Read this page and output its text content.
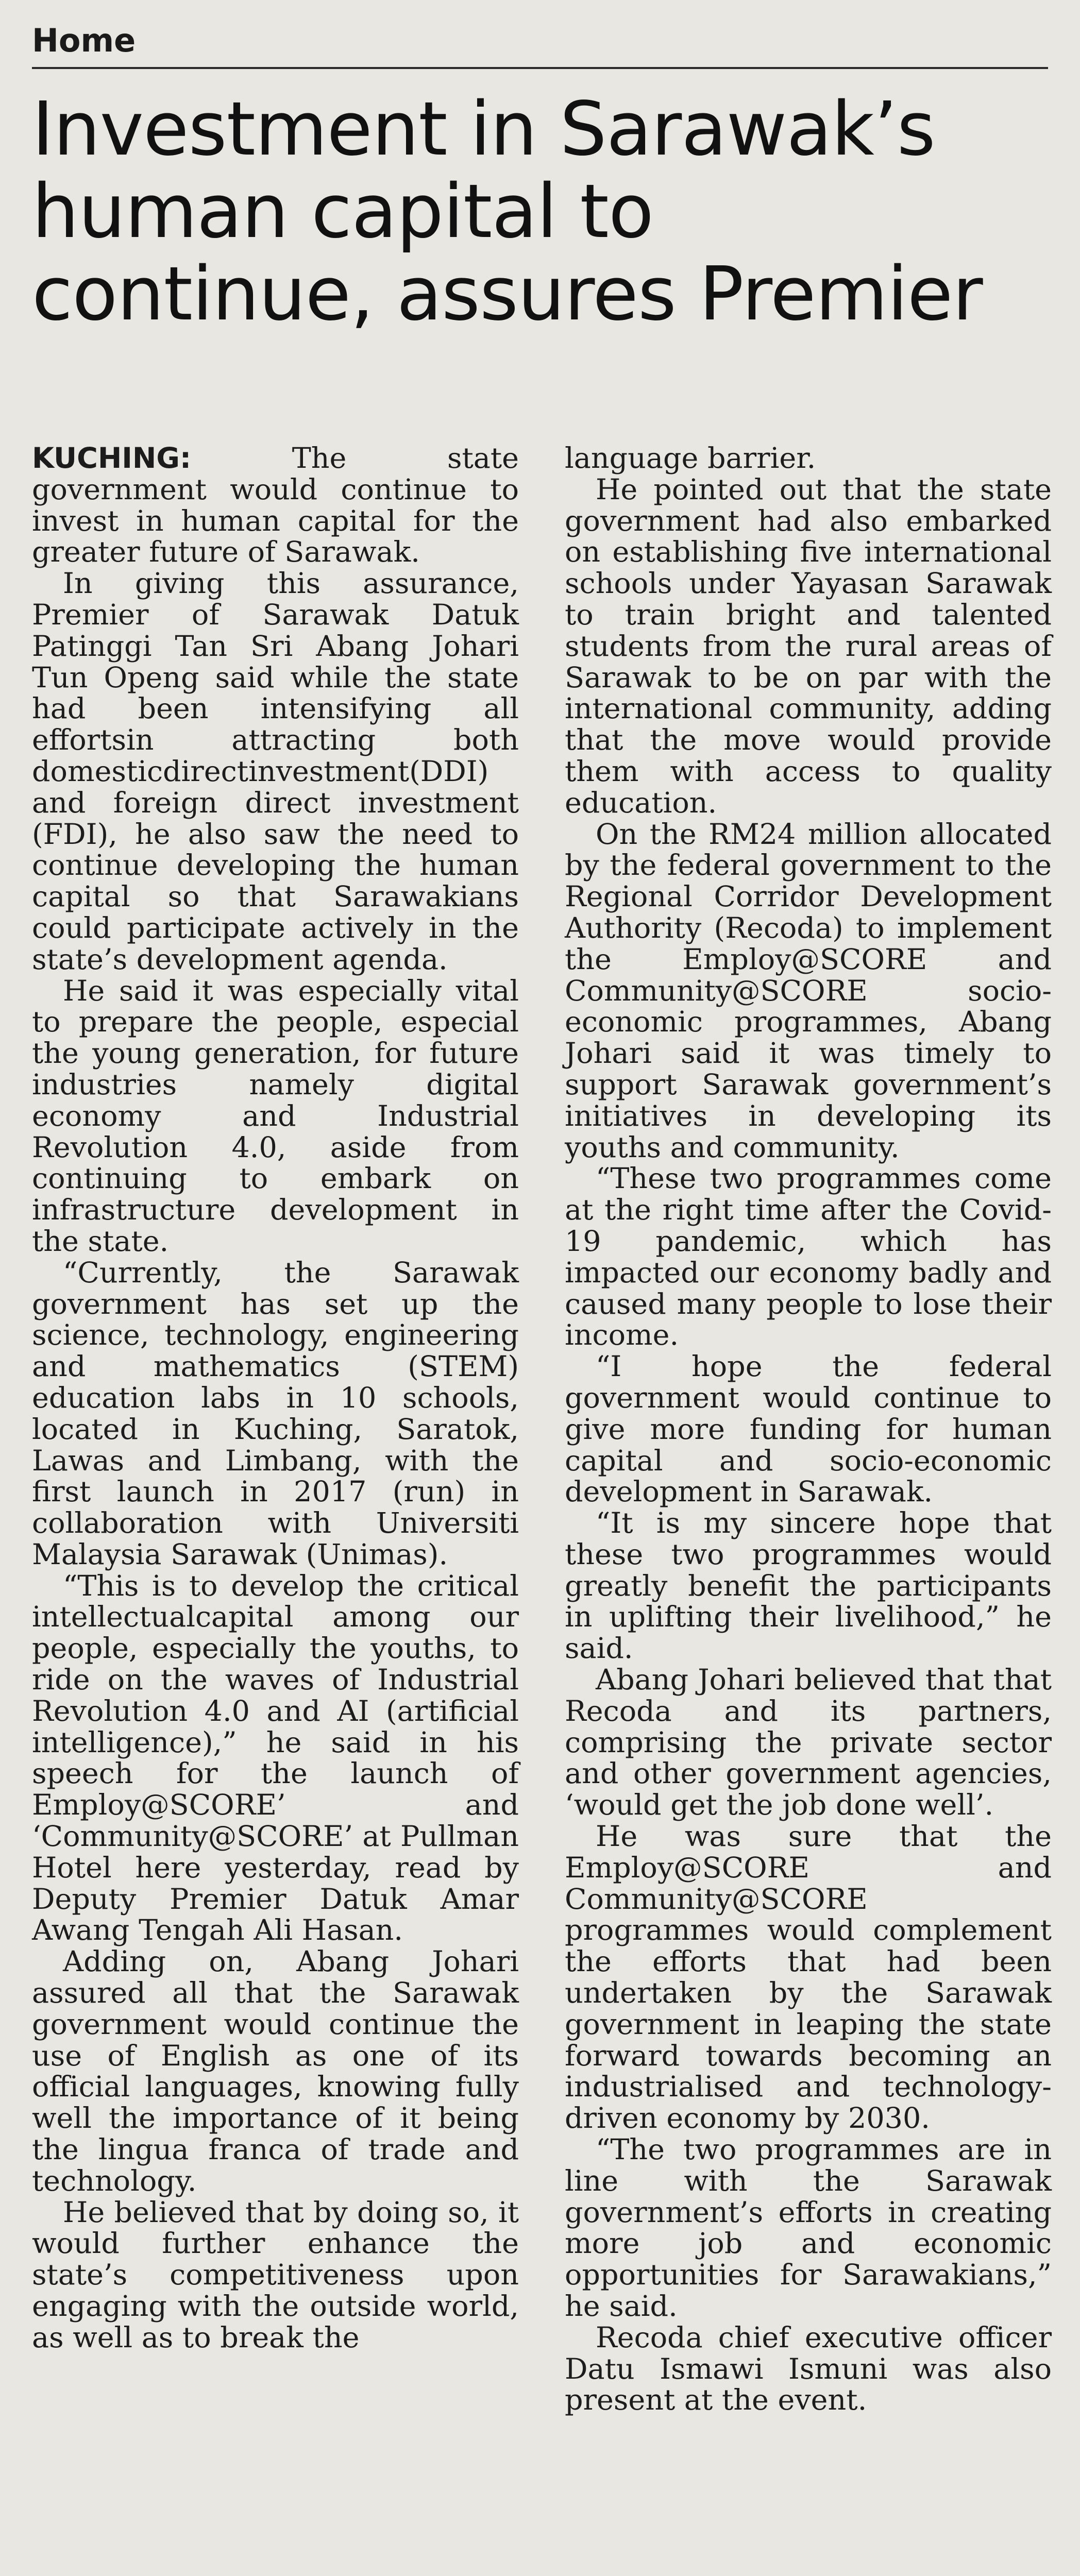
Home
Investment in Sarawak’s
human capital to
continue, assures Premier

KUCHING:	The state government would continue to invest in human capital for the greater future of Sarawak.

In giving this assurance, Premier of Sarawak Datuk Patinggi Tan Sri Abang Johari Tun Openg said while the state had been intensifying all effortsin attracting both domesticdirectinvestment(DDI) and foreign direct investment (FDI), he also saw the need to continue developing the human capital so that Sarawakians could participate actively in the state’s development agenda.

He said it was especially vital to prepare the people, especial the young generation, for future industries namely digital economy and Industrial Revolution 4.0, aside from continuing to embark on infrastructure development in the state.

“Currently, the Sarawak government has set up the science, technology, engineering and mathematics (STEM) education labs in 10 schools, located in Kuching, Saratok, Lawas and Limbang, with the first launch in 2017 (run) in collaboration with Universiti Malaysia Sarawak (Unimas).

“This is to develop the critical intellectualcapital among our people, especially the youths, to ride on the waves of Industrial Revolution 4.0 and AI (artificial intelligence),” he said in his speech for the launch of Employ@SCORE’ and ‘Community@SCORE’ at Pullman Hotel here yesterday, read by Deputy Premier Datuk Amar Awang Tengah Ali Hasan.

Adding on, Abang Johari assured all that the Sarawak government would continue the use of English as one of its official languages, knowing fully well the importance of it being the lingua franca of trade and technology.

He believed that by doing so, it would further enhance the state’s competitiveness upon engaging with the outside world, as well as to break the

language barrier.

He pointed out that the state government had also embarked on establishing five international schools under Yayasan Sarawak to train bright and talented students from the rural areas of Sarawak to be on par with the international community, adding that the move would provide them with access to quality education.

On the RM24 million allocated by the federal government to the Regional Corridor Development Authority (Recoda) to implement the Employ@SCORE and Community@SCORE socio-economic programmes, Abang Johari said it was timely to support Sarawak government’s initiatives in developing its youths and community.

“These two programmes come at the right time after the Covid-19 pandemic, which has impacted our economy badly and caused many people to lose their income.

“I hope the federal government would continue to give more funding for human capital and socio-economic development in Sarawak.

“It is my sincere hope that these two programmes would greatly benefit the participants in uplifting their livelihood,” he said.

Abang Johari believed that that Recoda and its partners, comprising the private sector and other government agencies, ‘would get the job done well’.

He was sure that the Employ@SCORE and Community@SCORE programmes would complement the efforts that had been undertaken by the Sarawak government in leaping the state forward towards becoming an industrialised and technology-driven economy by 2030.

“The two programmes are in line with the Sarawak government’s efforts in creating more job and economic opportunities for Sarawakians,” he said.

Recoda chief executive officer Datu Ismawi Ismuni was also present at the event.
